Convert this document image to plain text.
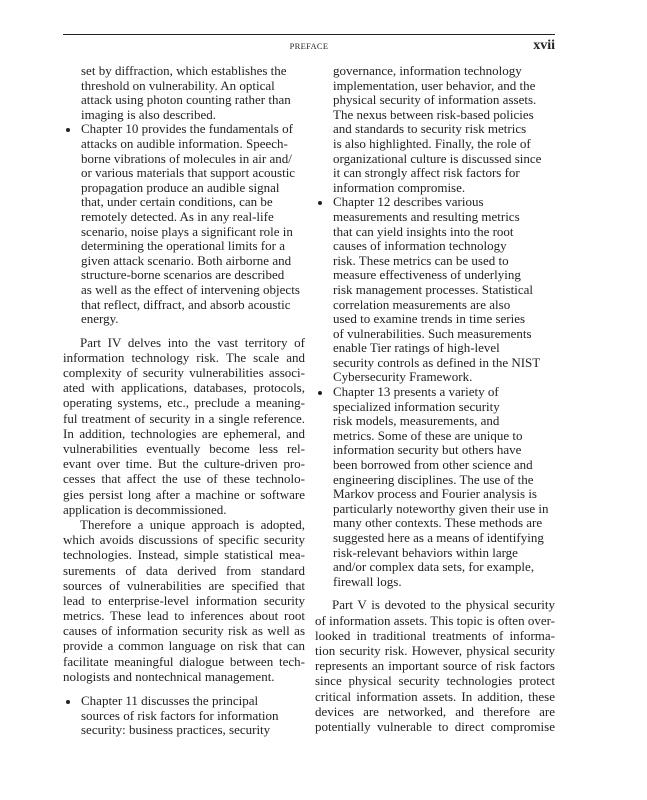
PREFACE	xvii
set by diffraction, which establishes the
threshold on vulnerability. An optical
attack using photon counting rather than
imaging is also described.
Chapter 10 provides the fundamentals of
attacks on audible information. Speech-
borne vibrations of molecules in air and/
or various materials that support acoustic
propagation produce an audible signal
that, under certain conditions, can be
remotely detected. As in any real-life
scenario, noise plays a significant role in
determining the operational limits for a
given attack scenario. Both airborne and
structure-borne scenarios are described
as well as the effect of intervening objects
that reflect, diffract, and absorb acoustic
energy.
Part IV delves into the vast territory of
information technology risk. The scale and
complexity of security vulnerabilities associ-
ated with applications, databases, protocols,
operating systems, etc., preclude a meaning-
ful treatment of security in a single reference.
In addition, technologies are ephemeral, and
vulnerabilities eventually become less rel-
evant over time. But the culture-driven pro-
cesses that affect the use of these technolo-
gies persist long after a machine or software
application is decommissioned.
Therefore a unique approach is adopted,
which avoids discussions of specific security
technologies. Instead, simple statistical mea-
surements of data derived from standard
sources of vulnerabilities are specified that
lead to enterprise-level information security
metrics. These lead to inferences about root
causes of information security risk as well as
provide a common language on risk that can
facilitate meaningful dialogue between tech-
nologists and nontechnical management.
Chapter 11 discusses the principal
sources of risk factors for information
security: business practices, security
governance, information technology
implementation, user behavior, and the
physical security of information assets.
The nexus between risk-based policies
and standards to security risk metrics
is also highlighted. Finally, the role of
organizational culture is discussed since
it can strongly affect risk factors for
information compromise.
Chapter 12 describes various
measurements and resulting metrics
that can yield insights into the root
causes of information technology
risk. These metrics can be used to
measure effectiveness of underlying
risk management processes. Statistical
correlation measurements are also
used to examine trends in time series
of vulnerabilities. Such measurements
enable Tier ratings of high-level
security controls as defined in the NIST
Cybersecurity Framework.
Chapter 13 presents a variety of
specialized information security
risk models, measurements, and
metrics. Some of these are unique to
information security but others have
been borrowed from other science and
engineering disciplines. The use of the
Markov process and Fourier analysis is
particularly noteworthy given their use in
many other contexts. These methods are
suggested here as a means of identifying
risk-relevant behaviors within large
and/or complex data sets, for example,
firewall logs.
Part V is devoted to the physical security
of information assets. This topic is often over-
looked in traditional treatments of informa-
tion security risk. However, physical security
represents an important source of risk factors
since physical security technologies protect
critical information assets. In addition, these
devices are networked, and therefore are
potentially vulnerable to direct compromise
